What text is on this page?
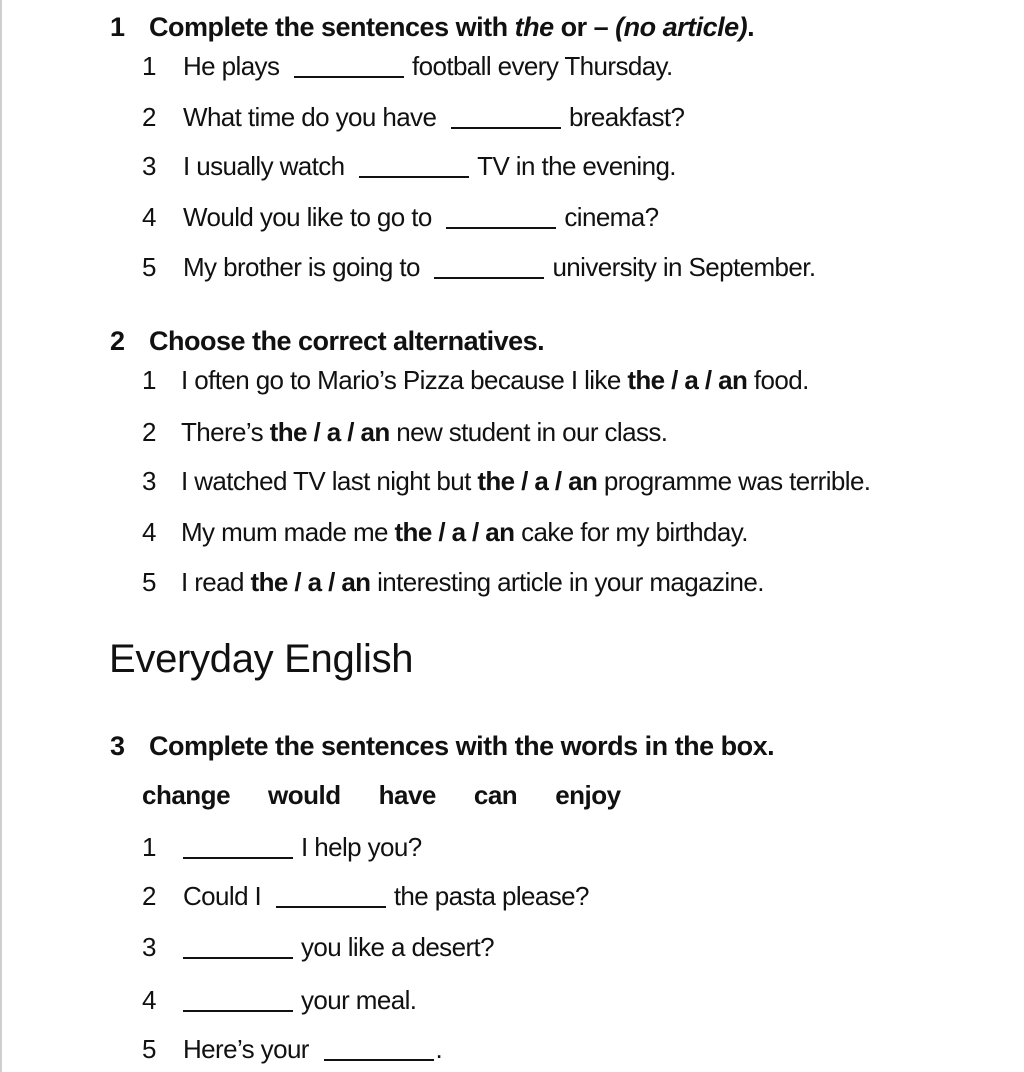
1 Complete the sentences with the or – (no article).
1 He plays	football every Thursday.
2 What time do you have	breakfast?
3 I usually watch	TV in the evening.
4 Would you like to go to	cinema?
5 My brother is going to	university in September.
2 Choose the correct alternatives.
1 I often go to Mario’s Pizza because I like the / a / an food.
2 There’s the / a / an new student in our class.
3 I watched TV last night but the / a / an programme was terrible.
4 My mum made me the / a / an cake for my birthday.
5 I read the / a / an interesting article in your magazine.
Everyday English
3 Complete the sentences with the words in the box.
change would have can enjoy
1	I help you?
2 Could I	the pasta please?
3	you like a desert?
4	your meal.
5 Here’s your	.
